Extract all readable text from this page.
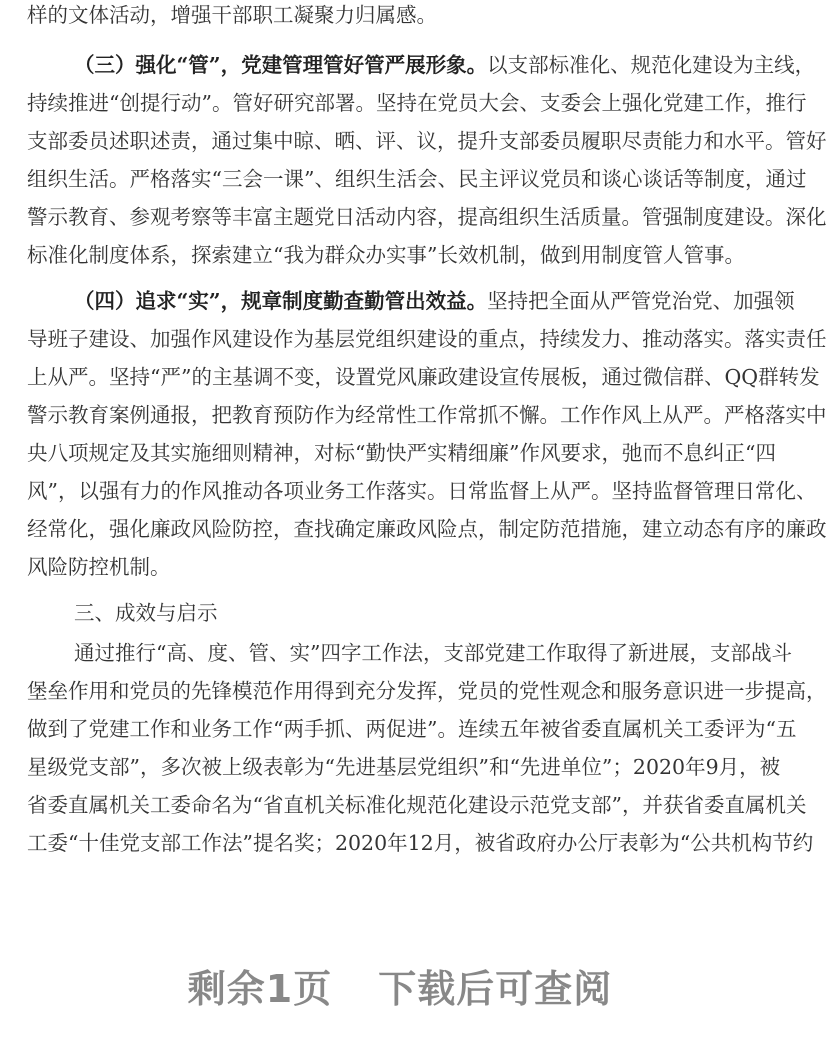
样的文体活动，增强干部职工凝聚力归属感。
（三）强化“管”，党建管理管好管严展形象。以支部标准化、规范化建设为主线，
持续推进“创提行动”。管好研究部署。坚持在党员大会、支委会上强化党建工作，推行
支部委员述职述责，通过集中晾、晒、评、议，提升支部委员履职尽责能力和水平。管好
组织生活。严格落实“三会一课”、组织生活会、民主评议党员和谈心谈话等制度，通过
警示教育、参观考察等丰富主题党日活动内容，提高组织生活质量。管强制度建设。深化
标准化制度体系，探索建立“我为群众办实事”长效机制，做到用制度管人管事。
（四）追求“实”，规章制度勤查勤管出效益。坚持把全面从严管党治党、加强领
导班子建设、加强作风建设作为基层党组织建设的重点，持续发力、推动落实。落实责任
上从严。坚持“严”的主基调不变，设置党风廉政建设宣传展板，通过微信群、QQ群转发
警示教育案例通报，把教育预防作为经常性工作常抓不懈。工作作风上从严。严格落实中
央八项规定及其实施细则精神，对标“勤快严实精细廉”作风要求，弛而不息纠正“四
风”，以强有力的作风推动各项业务工作落实。日常监督上从严。坚持监督管理日常化、
经常化，强化廉政风险防控，查找确定廉政风险点，制定防范措施，建立动态有序的廉政
风险防控机制。
三、成效与启示
通过推行“高、度、管、实”四字工作法，支部党建工作取得了新进展，支部战斗
堡垒作用和党员的先锋模范作用得到充分发挥，党员的党性观念和服务意识进一步提高，
做到了党建工作和业务工作“两手抓、两促进”。连续五年被省委直属机关工委评为“五
星级党支部”，多次被上级表彰为“先进基层党组织”和“先进单位”；2020年9月，被
省委直属机关工委命名为“省直机关标准化规范化建设示范党支部”，并获省委直属机关
工委“十佳党支部工作法”提名奖；2020年12月，被省政府办公厅表彰为“公共机构节约
剩余1页 下载后可查阅
